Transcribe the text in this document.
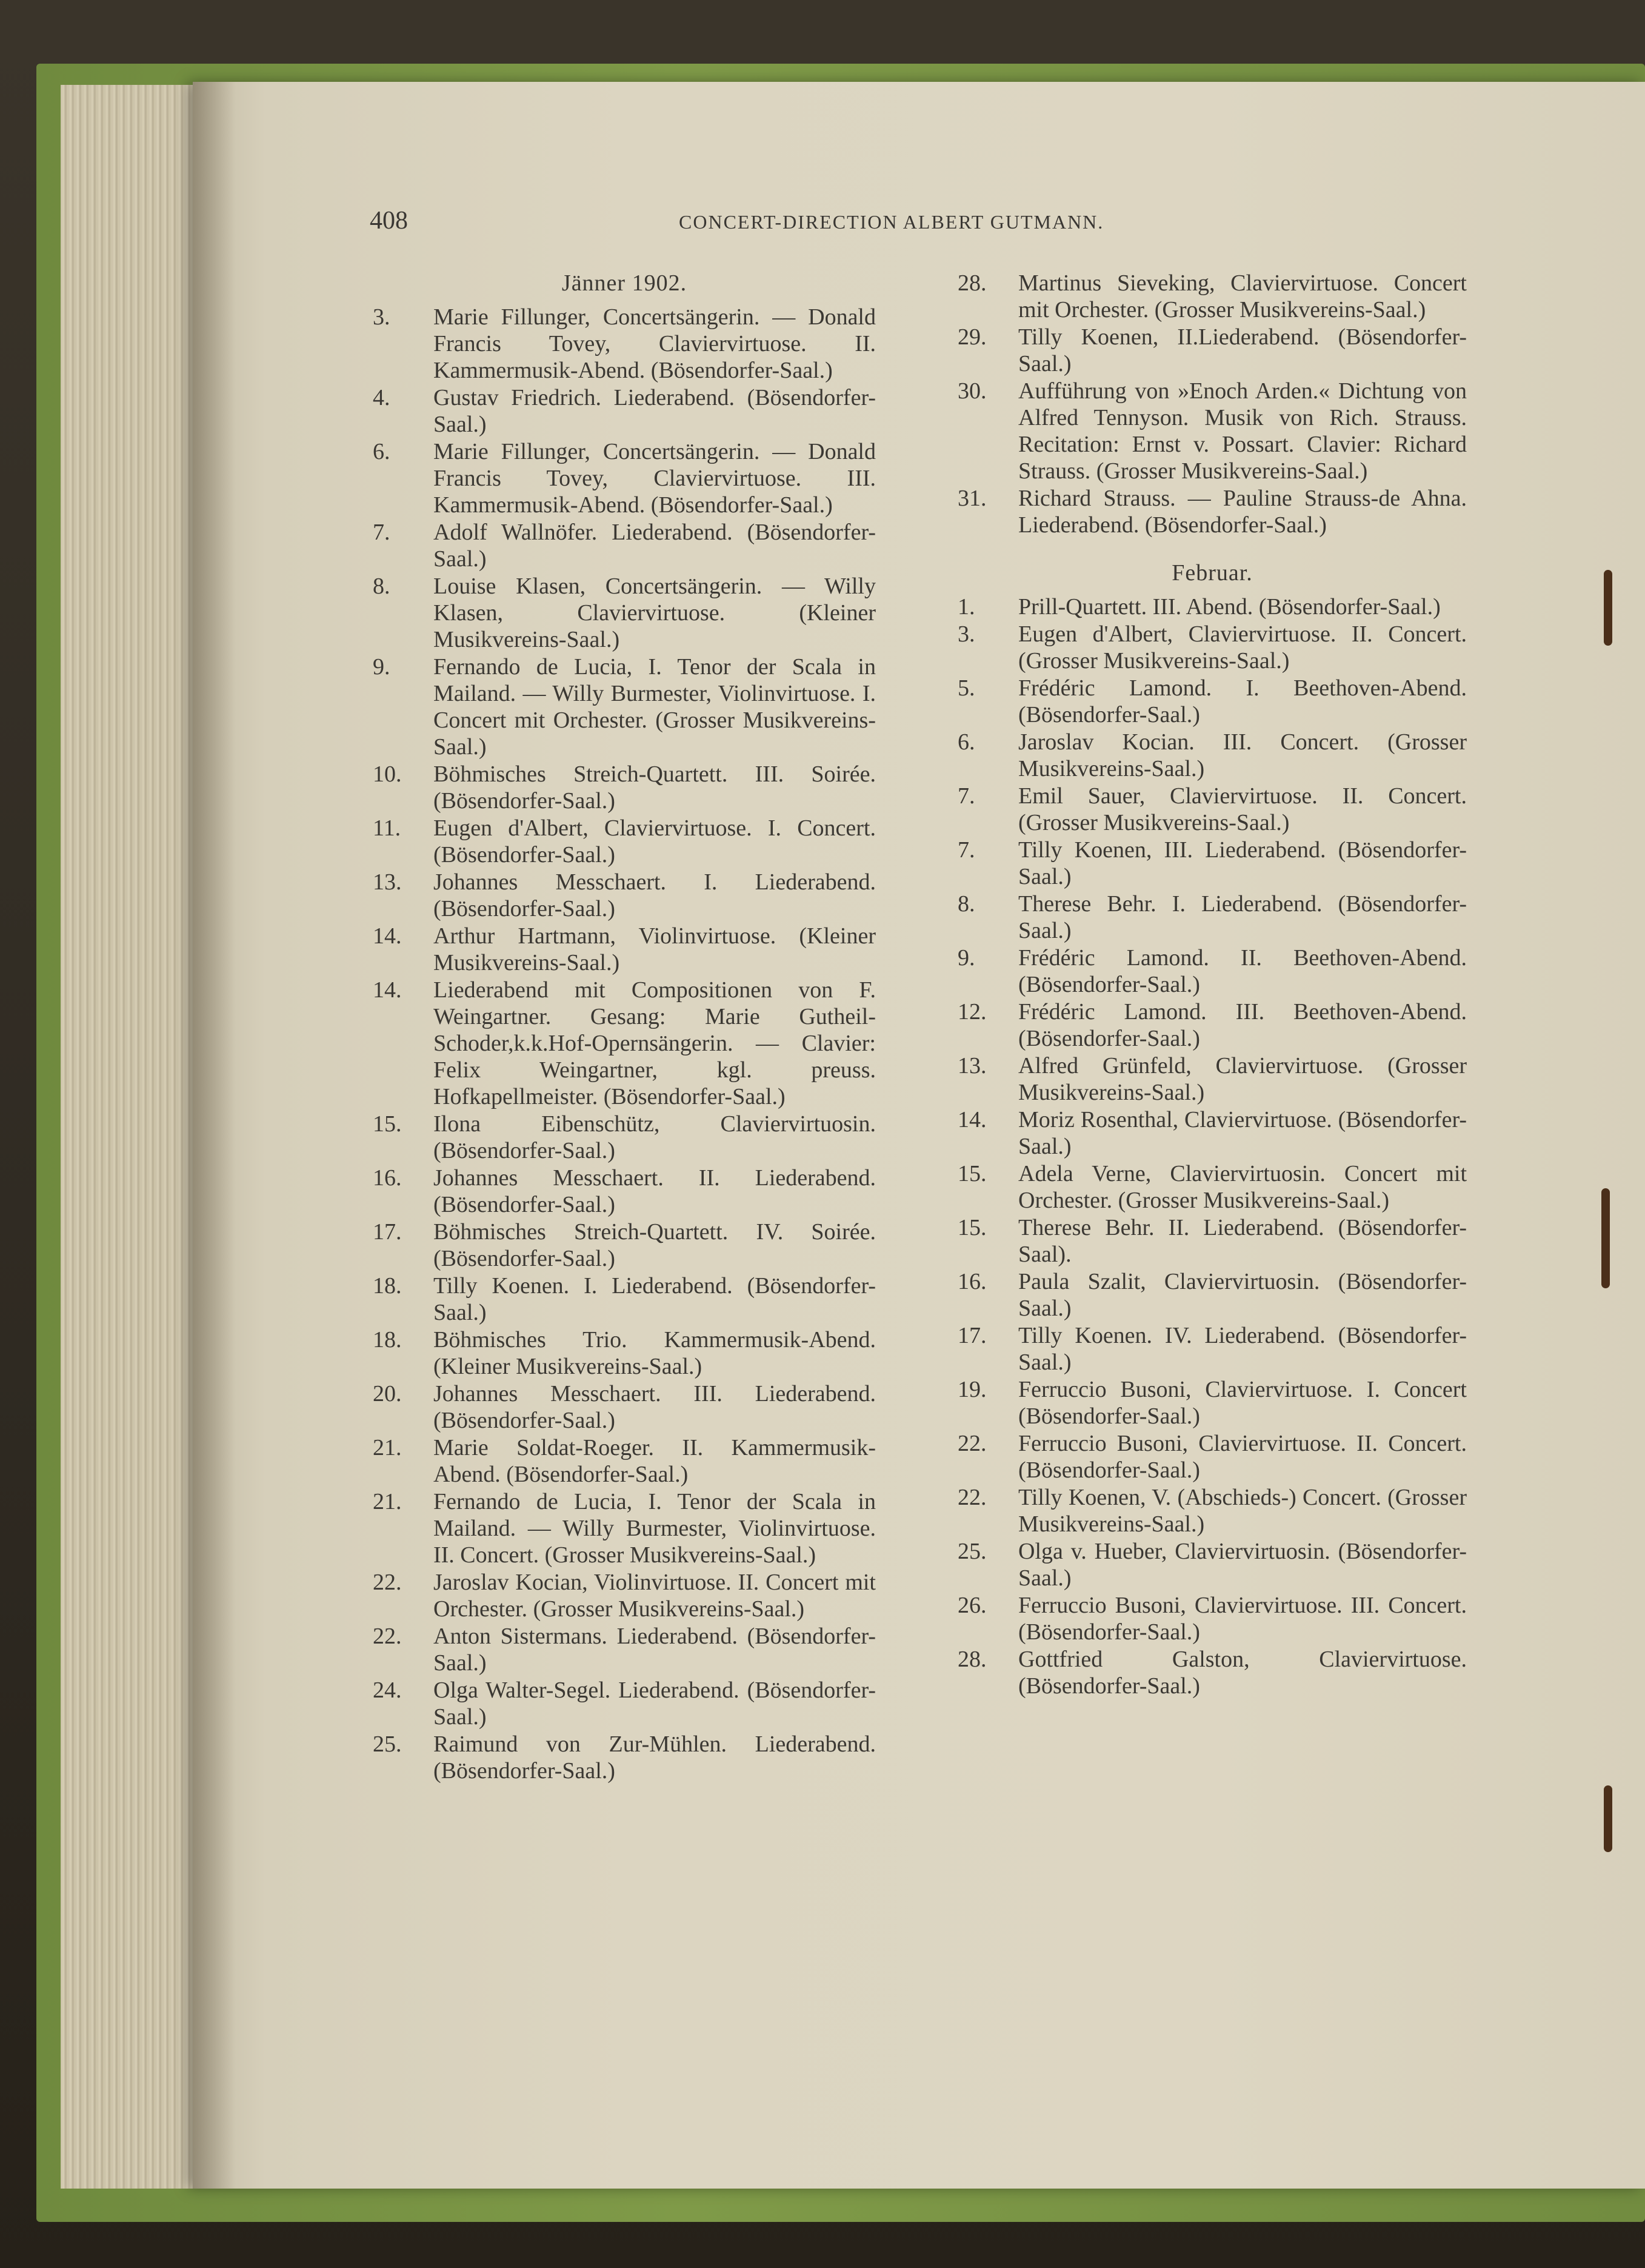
408	CONCERT-DIRECTION ALBERT GUTMANN.
Jänner 1902.
3. Marie Fillunger, Concertsängerin. — Donald Francis Tovey, Claviervirtuose. II. Kammermusik-Abend. (Bösendorfer-Saal.)
4. Gustav Friedrich. Liederabend. (Bösendorfer-Saal.)
6. Marie Fillunger, Concertsängerin. — Donald Francis Tovey, Claviervirtuose. III. Kammermusik-Abend. (Bösendorfer-Saal.)
7. Adolf Wallnöfer. Liederabend. (Bösendorfer-Saal.)
8. Louise Klasen, Concertsängerin. — Willy Klasen, Claviervirtuose. (Kleiner Musikvereins-Saal.)
9. Fernando de Lucia, I. Tenor der Scala in Mailand. — Willy Burmester, Violinvirtuose. I. Concert mit Orchester. (Grosser Musikvereins-Saal.)
10. Böhmisches Streich-Quartett. III. Soirée. (Bösendorfer-Saal.)
11. Eugen d'Albert, Claviervirtuose. I. Concert. (Bösendorfer-Saal.)
13. Johannes Messchaert. I. Liederabend. (Bösendorfer-Saal.)
14. Arthur Hartmann, Violinvirtuose. (Kleiner Musikvereins-Saal.)
14. Liederabend mit Compositionen von F. Weingartner. Gesang: Marie Gutheil-Schoder,k.k.Hof-Opernsängerin. — Clavier: Felix Weingartner, kgl. preuss. Hofkapellmeister. (Bösendorfer-Saal.)
15. Ilona Eibenschütz, Claviervirtuosin. (Bösendorfer-Saal.)
16. Johannes Messchaert. II. Liederabend. (Bösendorfer-Saal.)
17. Böhmisches Streich-Quartett. IV. Soirée. (Bösendorfer-Saal.)
18. Tilly Koenen. I. Liederabend. (Bösendorfer-Saal.)
18. Böhmisches Trio. Kammermusik-Abend. (Kleiner Musikvereins-Saal.)
20. Johannes Messchaert. III. Liederabend. (Bösendorfer-Saal.)
21. Marie Soldat-Roeger. II. Kammermusik-Abend. (Bösendorfer-Saal.)
21. Fernando de Lucia, I. Tenor der Scala in Mailand. — Willy Burmester, Violinvirtuose. II. Concert. (Grosser Musikvereins-Saal.)
22. Jaroslav Kocian, Violinvirtuose. II. Concert mit Orchester. (Grosser Musikvereins-Saal.)
22. Anton Sistermans. Liederabend. (Bösendorfer-Saal.)
24. Olga Walter-Segel. Liederabend. (Bösendorfer-Saal.)
25. Raimund von Zur-Mühlen. Liederabend. (Bösendorfer-Saal.)
28. Martinus Sieveking, Claviervirtuose. Concert mit Orchester. (Grosser Musikvereins-Saal.)
29. Tilly Koenen, II.Liederabend. (Bösendorfer-Saal.)
30. Aufführung von »Enoch Arden.« Dichtung von Alfred Tennyson. Musik von Rich. Strauss. Recitation: Ernst v. Possart. Clavier: Richard Strauss. (Grosser Musikvereins-Saal.)
31. Richard Strauss. — Pauline Strauss-de Ahna. Liederabend. (Bösendorfer-Saal.)
Februar.
1. Prill-Quartett. III. Abend. (Bösendorfer-Saal.)
3. Eugen d'Albert, Claviervirtuose. II. Concert. (Grosser Musikvereins-Saal.)
5. Frédéric Lamond. I. Beethoven-Abend. (Bösendorfer-Saal.)
6. Jaroslav Kocian. III. Concert. (Grosser Musikvereins-Saal.)
7. Emil Sauer, Claviervirtuose. II. Concert. (Grosser Musikvereins-Saal.)
7. Tilly Koenen, III. Liederabend. (Bösendorfer-Saal.)
8. Therese Behr. I. Liederabend. (Bösendorfer-Saal.)
9. Frédéric Lamond. II. Beethoven-Abend. (Bösendorfer-Saal.)
12. Frédéric Lamond. III. Beethoven-Abend. (Bösendorfer-Saal.)
13. Alfred Grünfeld, Claviervirtuose. (Grosser Musikvereins-Saal.)
14. Moriz Rosenthal, Claviervirtuose. (Bösendorfer-Saal.)
15. Adela Verne, Claviervirtuosin. Concert mit Orchester. (Grosser Musikvereins-Saal.)
15. Therese Behr. II. Liederabend. (Bösendorfer-Saal).
16. Paula Szalit, Claviervirtuosin. (Bösendorfer-Saal.)
17. Tilly Koenen. IV. Liederabend. (Bösendorfer-Saal.)
19. Ferruccio Busoni, Claviervirtuose. I. Concert (Bösendorfer-Saal.)
22. Ferruccio Busoni, Claviervirtuose. II. Concert. (Bösendorfer-Saal.)
22. Tilly Koenen, V. (Abschieds-) Concert. (Grosser Musikvereins-Saal.)
25. Olga v. Hueber, Claviervirtuosin. (Bösendorfer-Saal.)
26. Ferruccio Busoni, Claviervirtuose. III. Concert. (Bösendorfer-Saal.)
28. Gottfried Galston, Claviervirtuose. (Bösendorfer-Saal.)
